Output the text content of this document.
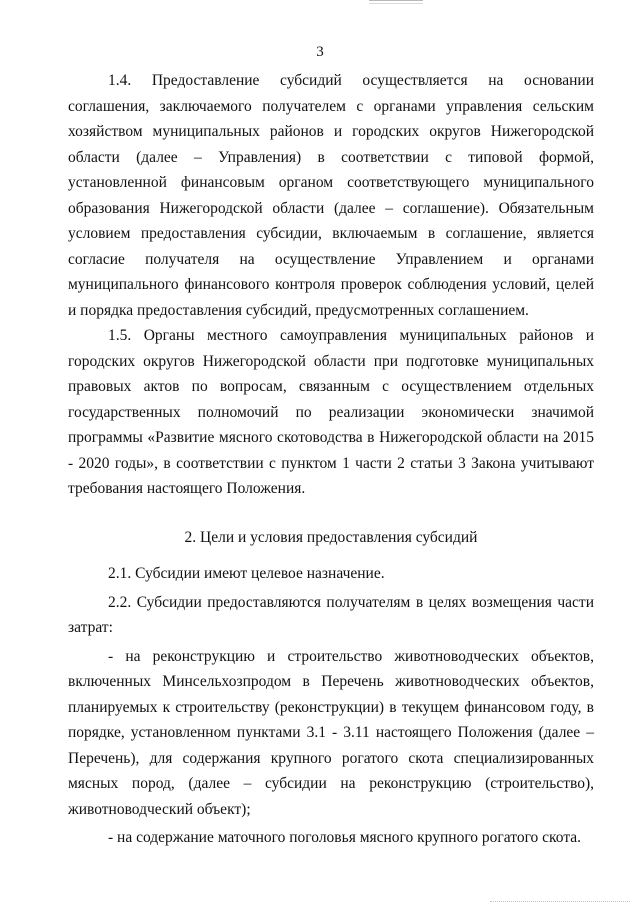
3

1.4. Предоставление субсидий осуществляется на основании соглашения, заключаемого получателем с органами управления сельским хозяйством муниципальных районов и городских округов Нижегородской области (далее – Управления) в соответствии с типовой формой, установленной финансовым органом соответствующего муниципального образования Нижегородской области (далее – соглашение). Обязательным условием предоставления субсидии, включаемым в соглашение, является согласие получателя на осуществление Управлением и органами муниципального финансового контроля проверок соблюдения условий, целей и порядка предоставления субсидий, предусмотренных соглашением.

1.5. Органы местного самоуправления муниципальных районов и городских округов Нижегородской области при подготовке муниципальных правовых актов по вопросам, связанным с осуществлением отдельных государственных полномочий по реализации экономически значимой программы «Развитие мясного скотоводства в Нижегородской области на 2015 - 2020 годы», в соответствии с пунктом 1 части 2 статьи 3 Закона учитывают требования настоящего Положения.

2. Цели и условия предоставления субсидий

2.1. Субсидии имеют целевое назначение.

2.2. Субсидии предоставляются получателям в целях возмещения части затрат:

- на реконструкцию и строительство животноводческих объектов, включенных Минсельхозпродом в Перечень животноводческих объектов, планируемых к строительству (реконструкции) в текущем финансовом году, в порядке, установленном пунктами 3.1 - 3.11 настоящего Положения (далее – Перечень), для содержания крупного рогатого скота специализированных мясных пород, (далее – субсидии на реконструкцию (строительство), животноводческий объект);

- на содержание маточного поголовья мясного крупного рогатого скота.
